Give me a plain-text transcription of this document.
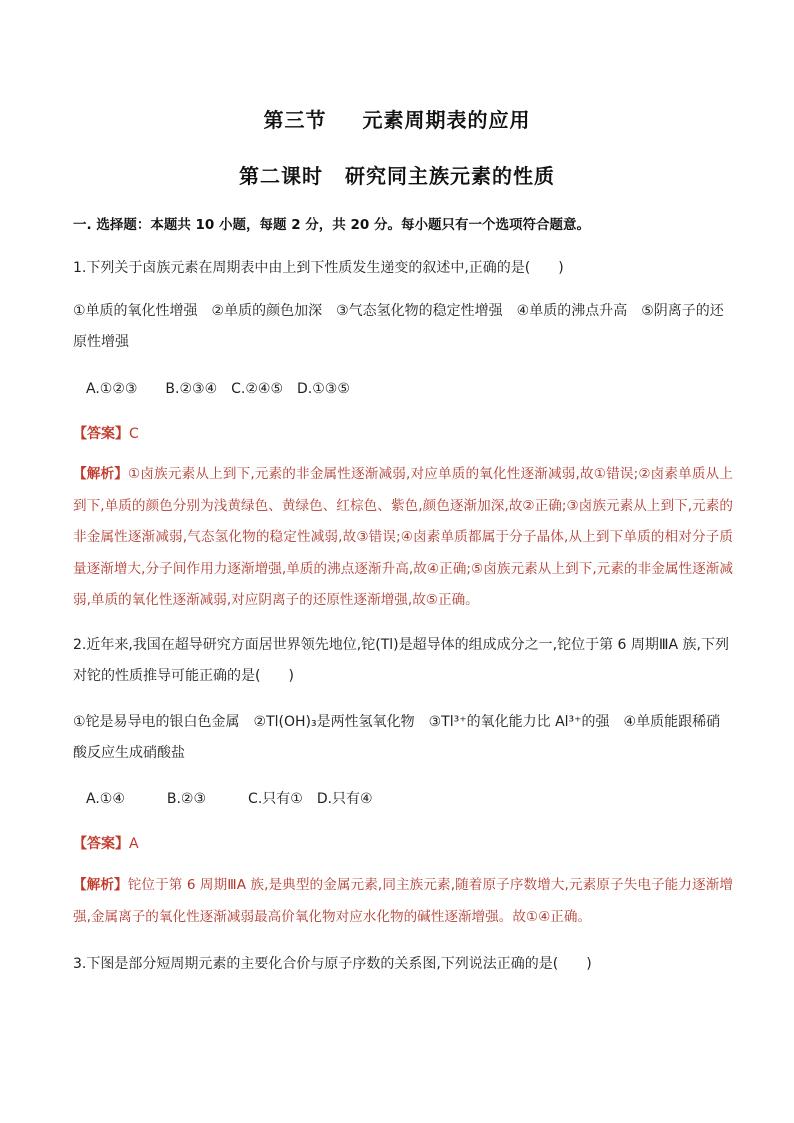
第三节 元素周期表的应用
第二课时 研究同主族元素的性质
一. 选择题：本题共 10 小题，每题 2 分，共 20 分。每小题只有一个选项符合题意。
1.下列关于卤族元素在周期表中由上到下性质发生递变的叙述中,正确的是(　　)
①单质的氧化性增强　②单质的颜色加深　③气态氢化物的稳定性增强　④单质的沸点升高　⑤阴离子的还原性增强
A.①②③　　B.②③④　C.②④⑤　D.①③⑤
【答案】C
【解析】①卤族元素从上到下,元素的非金属性逐渐减弱,对应单质的氧化性逐渐减弱,故①错误;②卤素单质从上到下,单质的颜色分别为浅黄绿色、黄绿色、红棕色、紫色,颜色逐渐加深,故②正确;③卤族元素从上到下,元素的非金属性逐渐减弱,气态氢化物的稳定性减弱,故③错误;④卤素单质都属于分子晶体,从上到下单质的相对分子质量逐渐增大,分子间作用力逐渐增强,单质的沸点逐渐升高,故④正确;⑤卤族元素从上到下,元素的非金属性逐渐减弱,单质的氧化性逐渐减弱,对应阴离子的还原性逐渐增强,故⑤正确。
2.近年来,我国在超导研究方面居世界领先地位,铊(Tl)是超导体的组成成分之一,铊位于第 6 周期ⅢA 族,下列对铊的性质推导可能正确的是(　　)
①铊是易导电的银白色金属　②Tl(OH)₃是两性氢氧化物　③Tl³⁺的氧化能力比 Al³⁺的强　④单质能跟稀硝酸反应生成硝酸盐
A.①④　　　B.②③　　　C.只有①　D.只有④
【答案】A
【解析】铊位于第 6 周期ⅢA 族,是典型的金属元素,同主族元素,随着原子序数增大,元素原子失电子能力逐渐增强,金属离子的氧化性逐渐减弱最高价氧化物对应水化物的碱性逐渐增强。故①④正确。
3.下图是部分短周期元素的主要化合价与原子序数的关系图,下列说法正确的是(　　)
